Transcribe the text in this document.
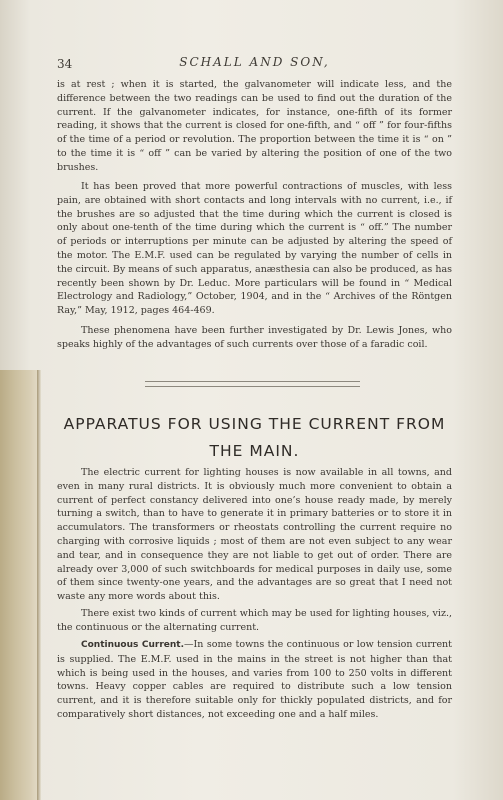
34	SCHALL AND SON,

is at rest ; when it is started, the galvanometer will indicate less, and the difference between the two readings can be used to find out the duration of the current. If the galvanometer indicates, for instance, one-fifth of its former reading, it shows that the current is closed for one-fifth, and “ off ” for four-fifths of the time of a period or revolution. The proportion between the time it is “ on ” to the time it is “ off ” can be varied by altering the position of one of the two brushes.

It has been proved that more powerful contractions of muscles, with less pain, are obtained with short contacts and long intervals with no current, i.e., if the brushes are so adjusted that the time during which the current is closed is only about one-tenth of the time during which the current is “ off.” The number of periods or interruptions per minute can be adjusted by altering the speed of the motor. The E.M.F. used can be regulated by varying the number of cells in the circuit. By means of such apparatus, anæsthesia can also be produced, as has recently been shown by Dr. Leduc. More particulars will be found in “ Medical Electrology and Radiology,” October, 1904, and in the “ Archives of the Röntgen Ray,” May, 1912, pages 464-469.

These phenomena have been further investigated by Dr. Lewis Jones, who speaks highly of the advantages of such currents over those of a faradic coil.

APPARATUS FOR USING THE CURRENT FROM THE MAIN.

The electric current for lighting houses is now available in all towns, and even in many rural districts. It is obviously much more convenient to obtain a current of perfect constancy delivered into one’s house ready made, by merely turning a switch, than to have to generate it in primary batteries or to store it in accumulators. The transformers or rheostats controlling the current require no charging with corrosive liquids ; most of them are not even subject to any wear and tear, and in consequence they are not liable to get out of order. There are already over 3,000 of such switchboards for medical purposes in daily use, some of them since twenty-one years, and the advantages are so great that I need not waste any more words about this.

There exist two kinds of current which may be used for lighting houses, viz., the continuous or the alternating current.

Continuous Current.—In some towns the continuous or low tension current is supplied. The E.M.F. used in the mains in the street is not higher than that which is being used in the houses, and varies from 100 to 250 volts in different towns. Heavy copper cables are required to distribute such a low tension current, and it is therefore suitable only for thickly populated districts, and for comparatively short distances, not exceeding one and a half miles.
